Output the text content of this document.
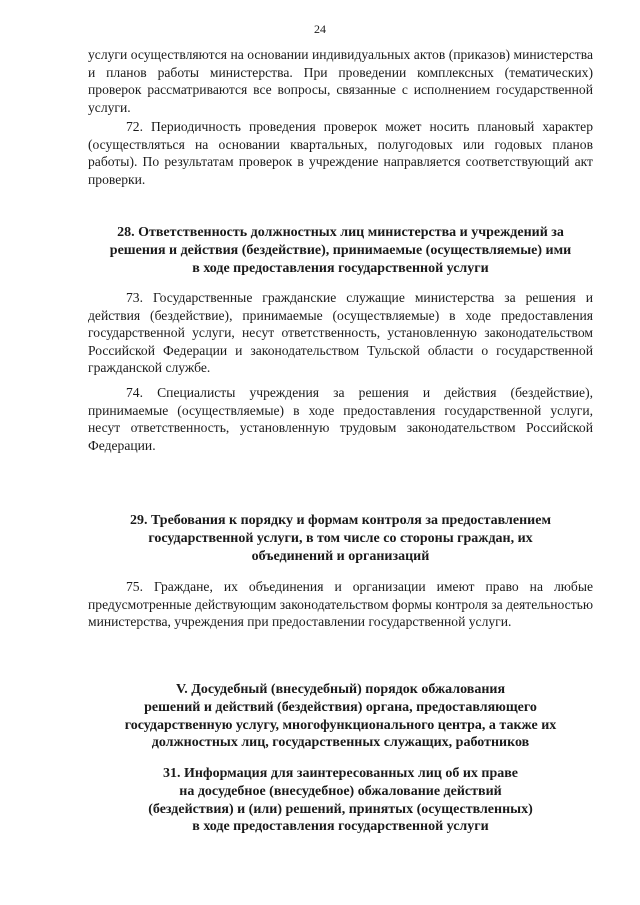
24

услуги осуществляются на основании индивидуальных актов (приказов) министерства и планов работы министерства. При проведении комплексных (тематических) проверок рассматриваются все вопросы, связанные с исполнением государственной услуги.

72. Периодичность проведения проверок может носить плановый характер (осуществляться на основании квартальных, полугодовых или годовых планов работы). По результатам проверок в учреждение направляется соответствующий акт проверки.

28. Ответственность должностных лиц министерства и учреждений за
решения и действия (бездействие), принимаемые (осуществляемые) ими
в ходе предоставления государственной услуги

73. Государственные гражданские служащие министерства за решения и действия (бездействие), принимаемые (осуществляемые) в ходе предоставления государственной услуги, несут ответственность, установленную законодательством Российской Федерации и законодательством Тульской области о государственной гражданской службе.

74. Специалисты учреждения за решения и действия (бездействие), принимаемые (осуществляемые) в ходе предоставления государственной услуги, несут ответственность, установленную трудовым законодательством Российской Федерации.

29. Требования к порядку и формам контроля за предоставлением
государственной услуги, в том числе со стороны граждан, их
объединений и организаций

75. Граждане, их объединения и организации имеют право на любые предусмотренные действующим законодательством формы контроля за деятельностью министерства, учреждения при предоставлении государственной услуги.

V. Досудебный (внесудебный) порядок обжалования
решений и действий (бездействия) органа, предоставляющего
государственную услугу, многофункционального центра, а также их
должностных лиц, государственных служащих, работников
31. Информация для заинтересованных лиц об их праве
на досудебное (внесудебное) обжалование действий
(бездействия) и (или) решений, принятых (осуществленных)
в ходе предоставления государственной услуги
